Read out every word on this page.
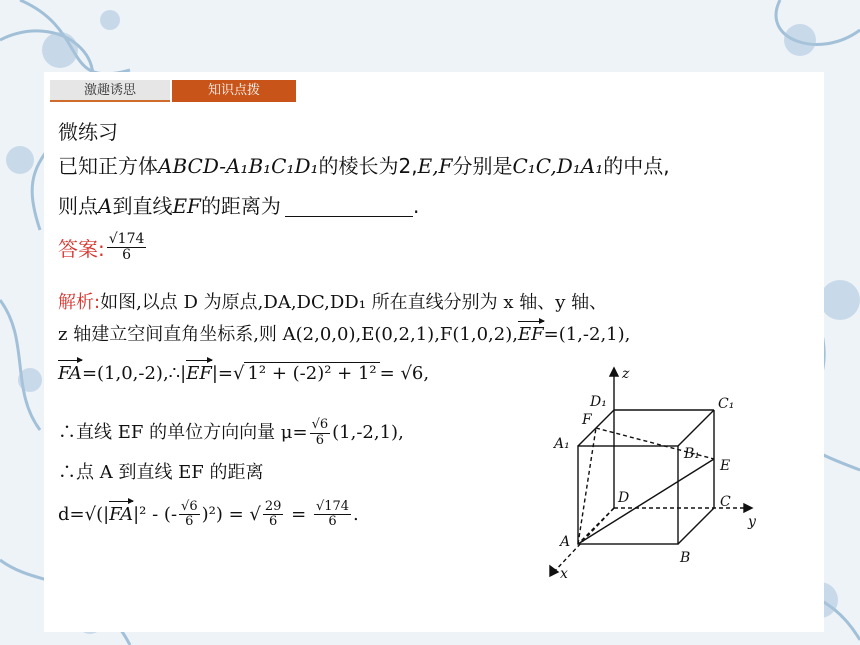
激趣诱思	知识点拨
微练习
已知正方体ABCD-A₁B₁C₁D₁的棱长为2,E,F分别是C₁C,D₁A₁的中点,
则点A到直线EF的距离为	.
答案: $\frac{√174}{6}$
解析:如图,以点 D 为原点,DA,DC,DD₁ 所在直线分别为 x 轴、y 轴、
z 轴建立空间直角坐标系,则 A(2,0,0),E(0,2,1),F(1,0,2),EF=(1,-2,1),
FA=(1,0,-2),∴|EF|=√ 1² + (-2)² + 1² = √6,
∴直线 EF 的单位方向向量 $\mu= \frac{√6}{6} (1,-2,1)$,
∴点 A 到直线 EF 的距离
d=√(|FA|² - (- $\frac{√6}{6} )^2$) = √ $\frac{29}{6} = \frac{√174}{6}$ .
z
D₁	C₁
F
A₁
B₁
E
D	C
y
A
B
x
